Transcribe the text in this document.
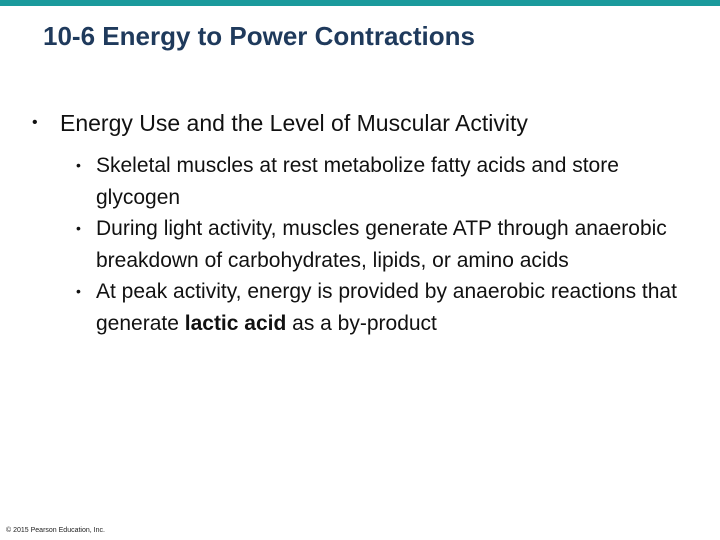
10-6 Energy to Power Contractions
• Energy Use and the Level of Muscular Activity
• Skeletal muscles at rest metabolize fatty acids and store glycogen
• During light activity, muscles generate ATP through anaerobic breakdown of carbohydrates, lipids, or amino acids
• At peak activity, energy is provided by anaerobic reactions that generate lactic acid as a by-product
© 2015 Pearson Education, Inc.
